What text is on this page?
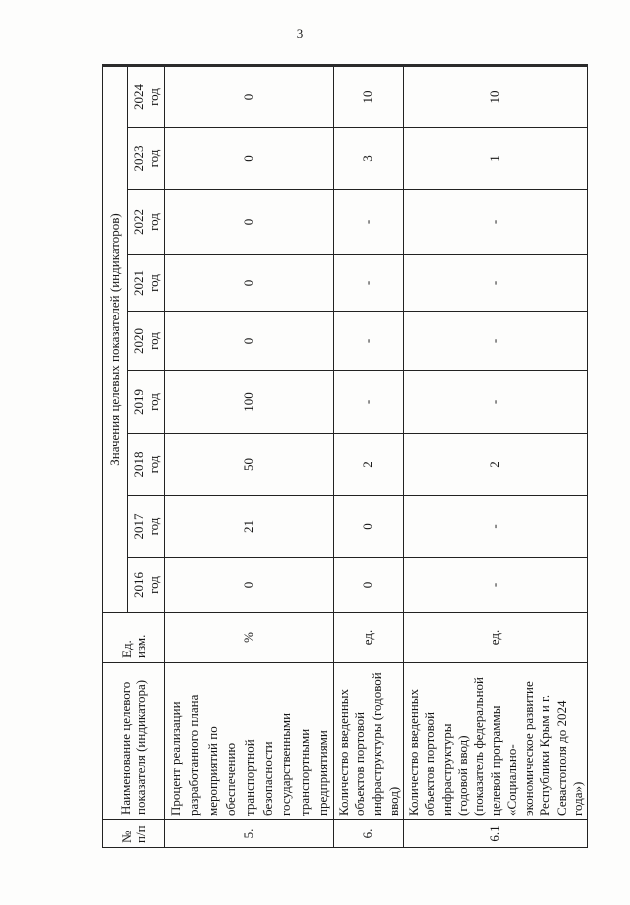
3
№ п/п	Наименование целевого показателя (индикатора)	Ед. изм.	Значения целевых показателей (индикаторов)								

			2016 год	2017 год	2018 год	2019 год	2020 год	2021 год	2022 год	2023 год	2024 год

5.	Процент реализации разработанного плана мероприятий по обеспечению транспортной безопасности государственными транспортными предприятиями	%	0	21	50	100	0	0	0	0	0
6.	Количество введенных объектов портовой инфраструктуры (годовой ввод)	ед.	0	0	2	-	-	-	-	3	10
6.1	Количество введенных объектов портовой инфраструктуры (годовой ввод) (показатель федеральной целевой программы «Социально-экономическое развитие Республики Крым и г. Севастополя до 2024 года»)	ед.	-	-	2	-	-	-	-	1	10
